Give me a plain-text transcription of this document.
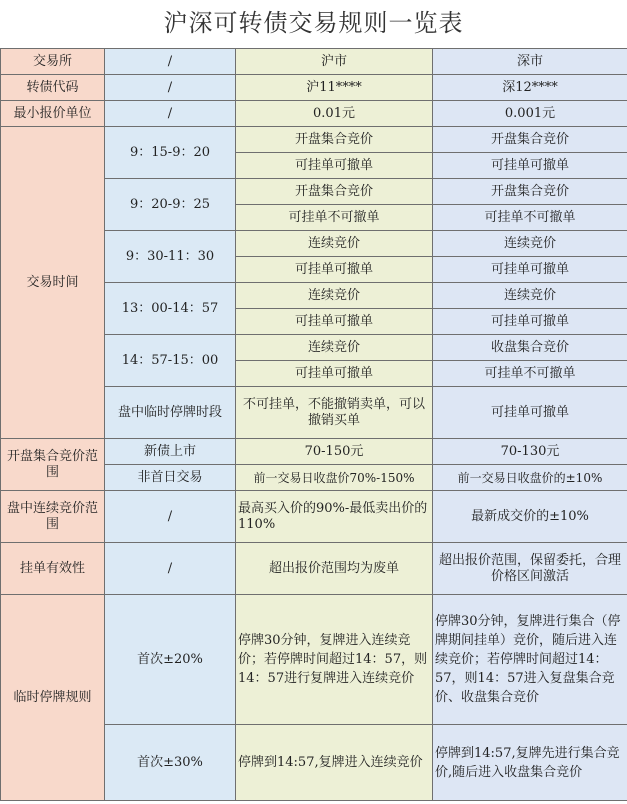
沪深可转债交易规则一览表
交易所	/	沪市	深市
转债代码	/	沪11****	深12****
最小报价单位	/	0.01元	0.001元
交易时间	9：15-9：20	开盘集合竞价	开盘集合竞价
		可挂单可撤单	可挂单可撤单
	9：20-9：25	开盘集合竞价	开盘集合竞价
		可挂单不可撤单	可挂单不可撤单
	9：30-11：30	连续竞价	连续竞价
		可挂单可撤单	可挂单可撤单
	13：00-14：57	连续竞价	连续竞价
		可挂单可撤单	可挂单可撤单
	14：57-15：00	连续竞价	收盘集合竞价
		可挂单可撤单	可挂单不可撤单
	盘中临时停牌时段	不可挂单，不能撤销卖单，可以撤销买单	可挂单可撤单
开盘集合竞价范围	新债上市	70-150元	70-130元
	非首日交易	前一交易日收盘价70%-150%	前一交易日收盘价的±10%
盘中连续竞价范围	/	最高买入价的90%-最低卖出价的110%	最新成交价的±10%
挂单有效性	/	超出报价范围均为废单	超出报价范围，保留委托，合理价格区间激活
临时停牌规则	首次±20%	停牌30分钟，复牌进入连续竞价；若停牌时间超过14：57，则14：57进行复牌进入连续竞价	停牌30分钟，复牌进行集合（停牌期间挂单）竞价，随后进入连续竞价；若停牌时间超过14：57，则14：57进入复盘集合竞价、收盘集合竞价
	首次±30%	停牌到14:57,复牌进入连续竞价	停牌到14:57,复牌先进行集合竞价,随后进入收盘集合竞价
